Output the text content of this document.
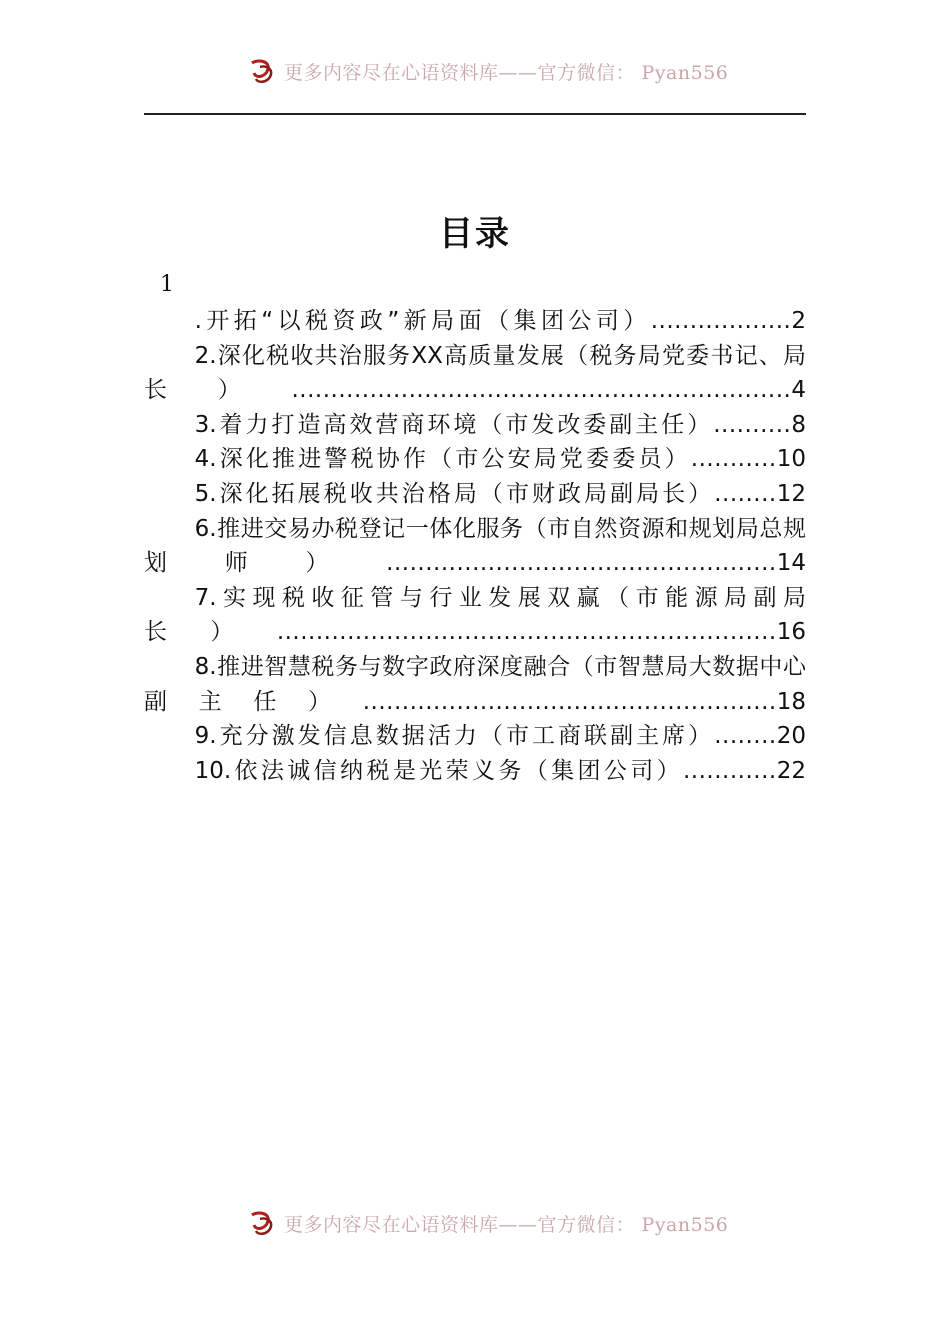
更多内容尽在心语资料库——官方微信： Pyan556
目录
1
.开拓“以税资政”新局面（集团公司）..................2
2.深化税收共治服务XX高质量发展（税务局党委书记、局长）................................................................4
3.着力打造高效营商环境（市发改委副主任）..........8
4.深化推进警税协作（市公安局党委委员）...........10
5.深化拓展税收共治格局（市财政局副局长）........12
6.推进交易办税登记一体化服务（市自然资源和规划局总规划师）..................................................14
7.实现税收征管与行业发展双赢（市能源局副局长）................................................................16
8.推进智慧税务与数字政府深度融合（市智慧局大数据中心副主任）.....................................................18
9.充分激发信息数据活力（市工商联副主席）........20
10.依法诚信纳税是光荣义务（集团公司）............22
更多内容尽在心语资料库——官方微信： Pyan556
